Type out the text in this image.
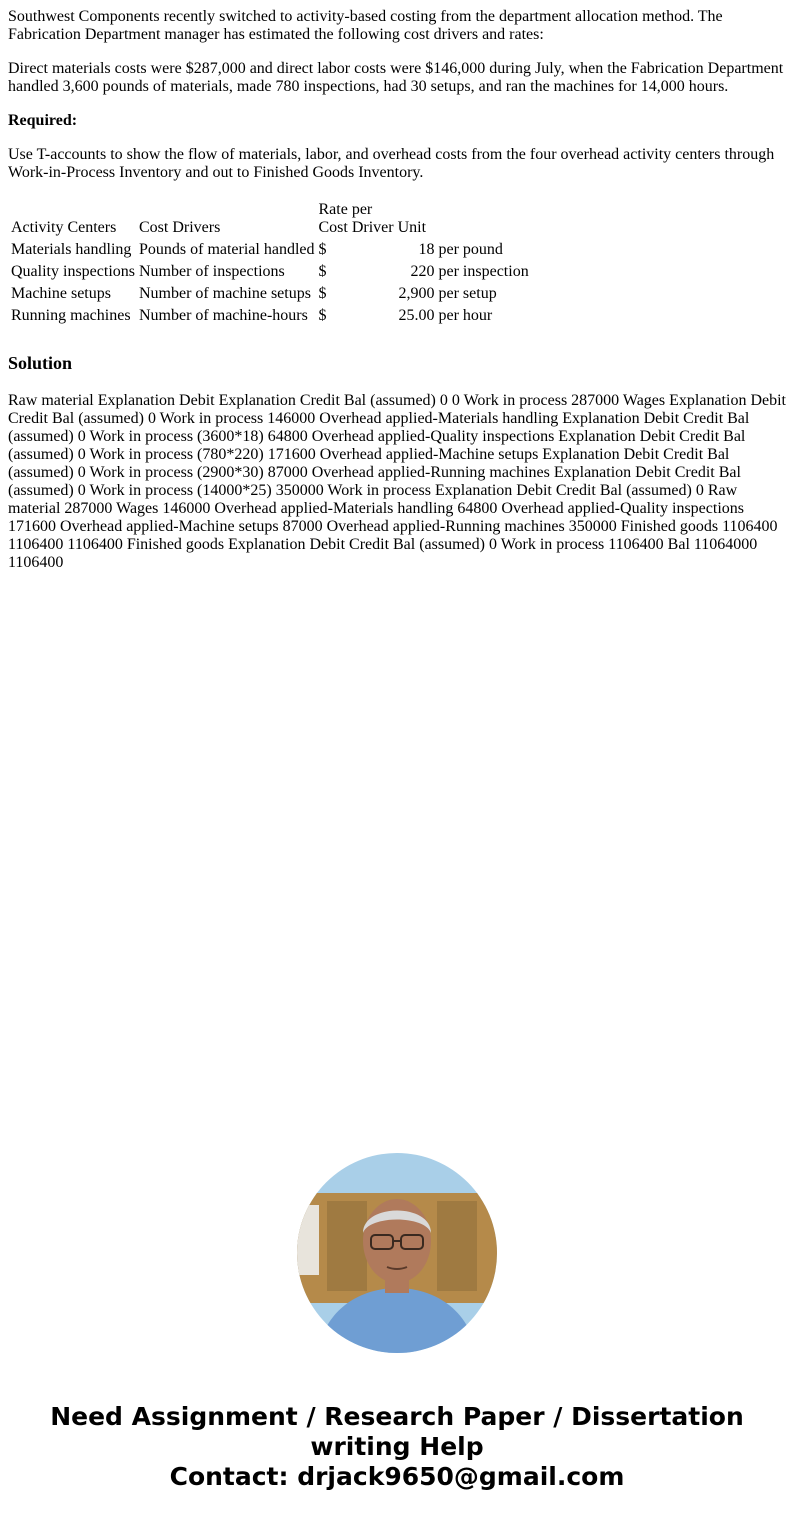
Southwest Components recently switched to activity-based costing from the department allocation method. The Fabrication Department manager has estimated the following cost drivers and rates:

Direct materials costs were $287,000 and direct labor costs were $146,000 during July, when the Fabrication Department handled 3,600 pounds of materials, made 780 inspections, had 30 setups, and ran the machines for 14,000 hours.

Required:

Use T-accounts to show the flow of materials, labor, and overhead costs from the four overhead activity centers through Work-in-Process Inventory and out to Finished Goods Inventory.

Activity Centers	Cost Drivers	Rate per
Cost Driver Unit		

Materials handling	Pounds of material handled	$	18	per pound
Quality inspections	Number of inspections	$	220	per inspection
Machine setups	Number of machine setups	$	2,900	per setup
Running machines	Number of machine-hours	$	25.00	per hour
Solution

Raw material Explanation Debit Explanation Credit Bal (assumed) 0 0 Work in process 287000 Wages Explanation Debit Credit Bal (assumed) 0 Work in process 146000 Overhead applied-Materials handling Explanation Debit Credit Bal (assumed) 0 Work in process (3600*18) 64800 Overhead applied-Quality inspections Explanation Debit Credit Bal (assumed) 0 Work in process (780*220) 171600 Overhead applied-Machine setups Explanation Debit Credit Bal (assumed) 0 Work in process (2900*30) 87000 Overhead applied-Running machines Explanation Debit Credit Bal (assumed) 0 Work in process (14000*25) 350000 Work in process Explanation Debit Credit Bal (assumed) 0 Raw material 287000 Wages 146000 Overhead applied-Materials handling 64800 Overhead applied-Quality inspections 171600 Overhead applied-Machine setups 87000 Overhead applied-Running machines 350000 Finished goods 1106400 1106400 1106400 Finished goods Explanation Debit Credit Bal (assumed) 0 Work in process 1106400 Bal 11064000 1106400

Need Assignment / Research Paper / Dissertation
writing Help
Contact: drjack9650@gmail.com
